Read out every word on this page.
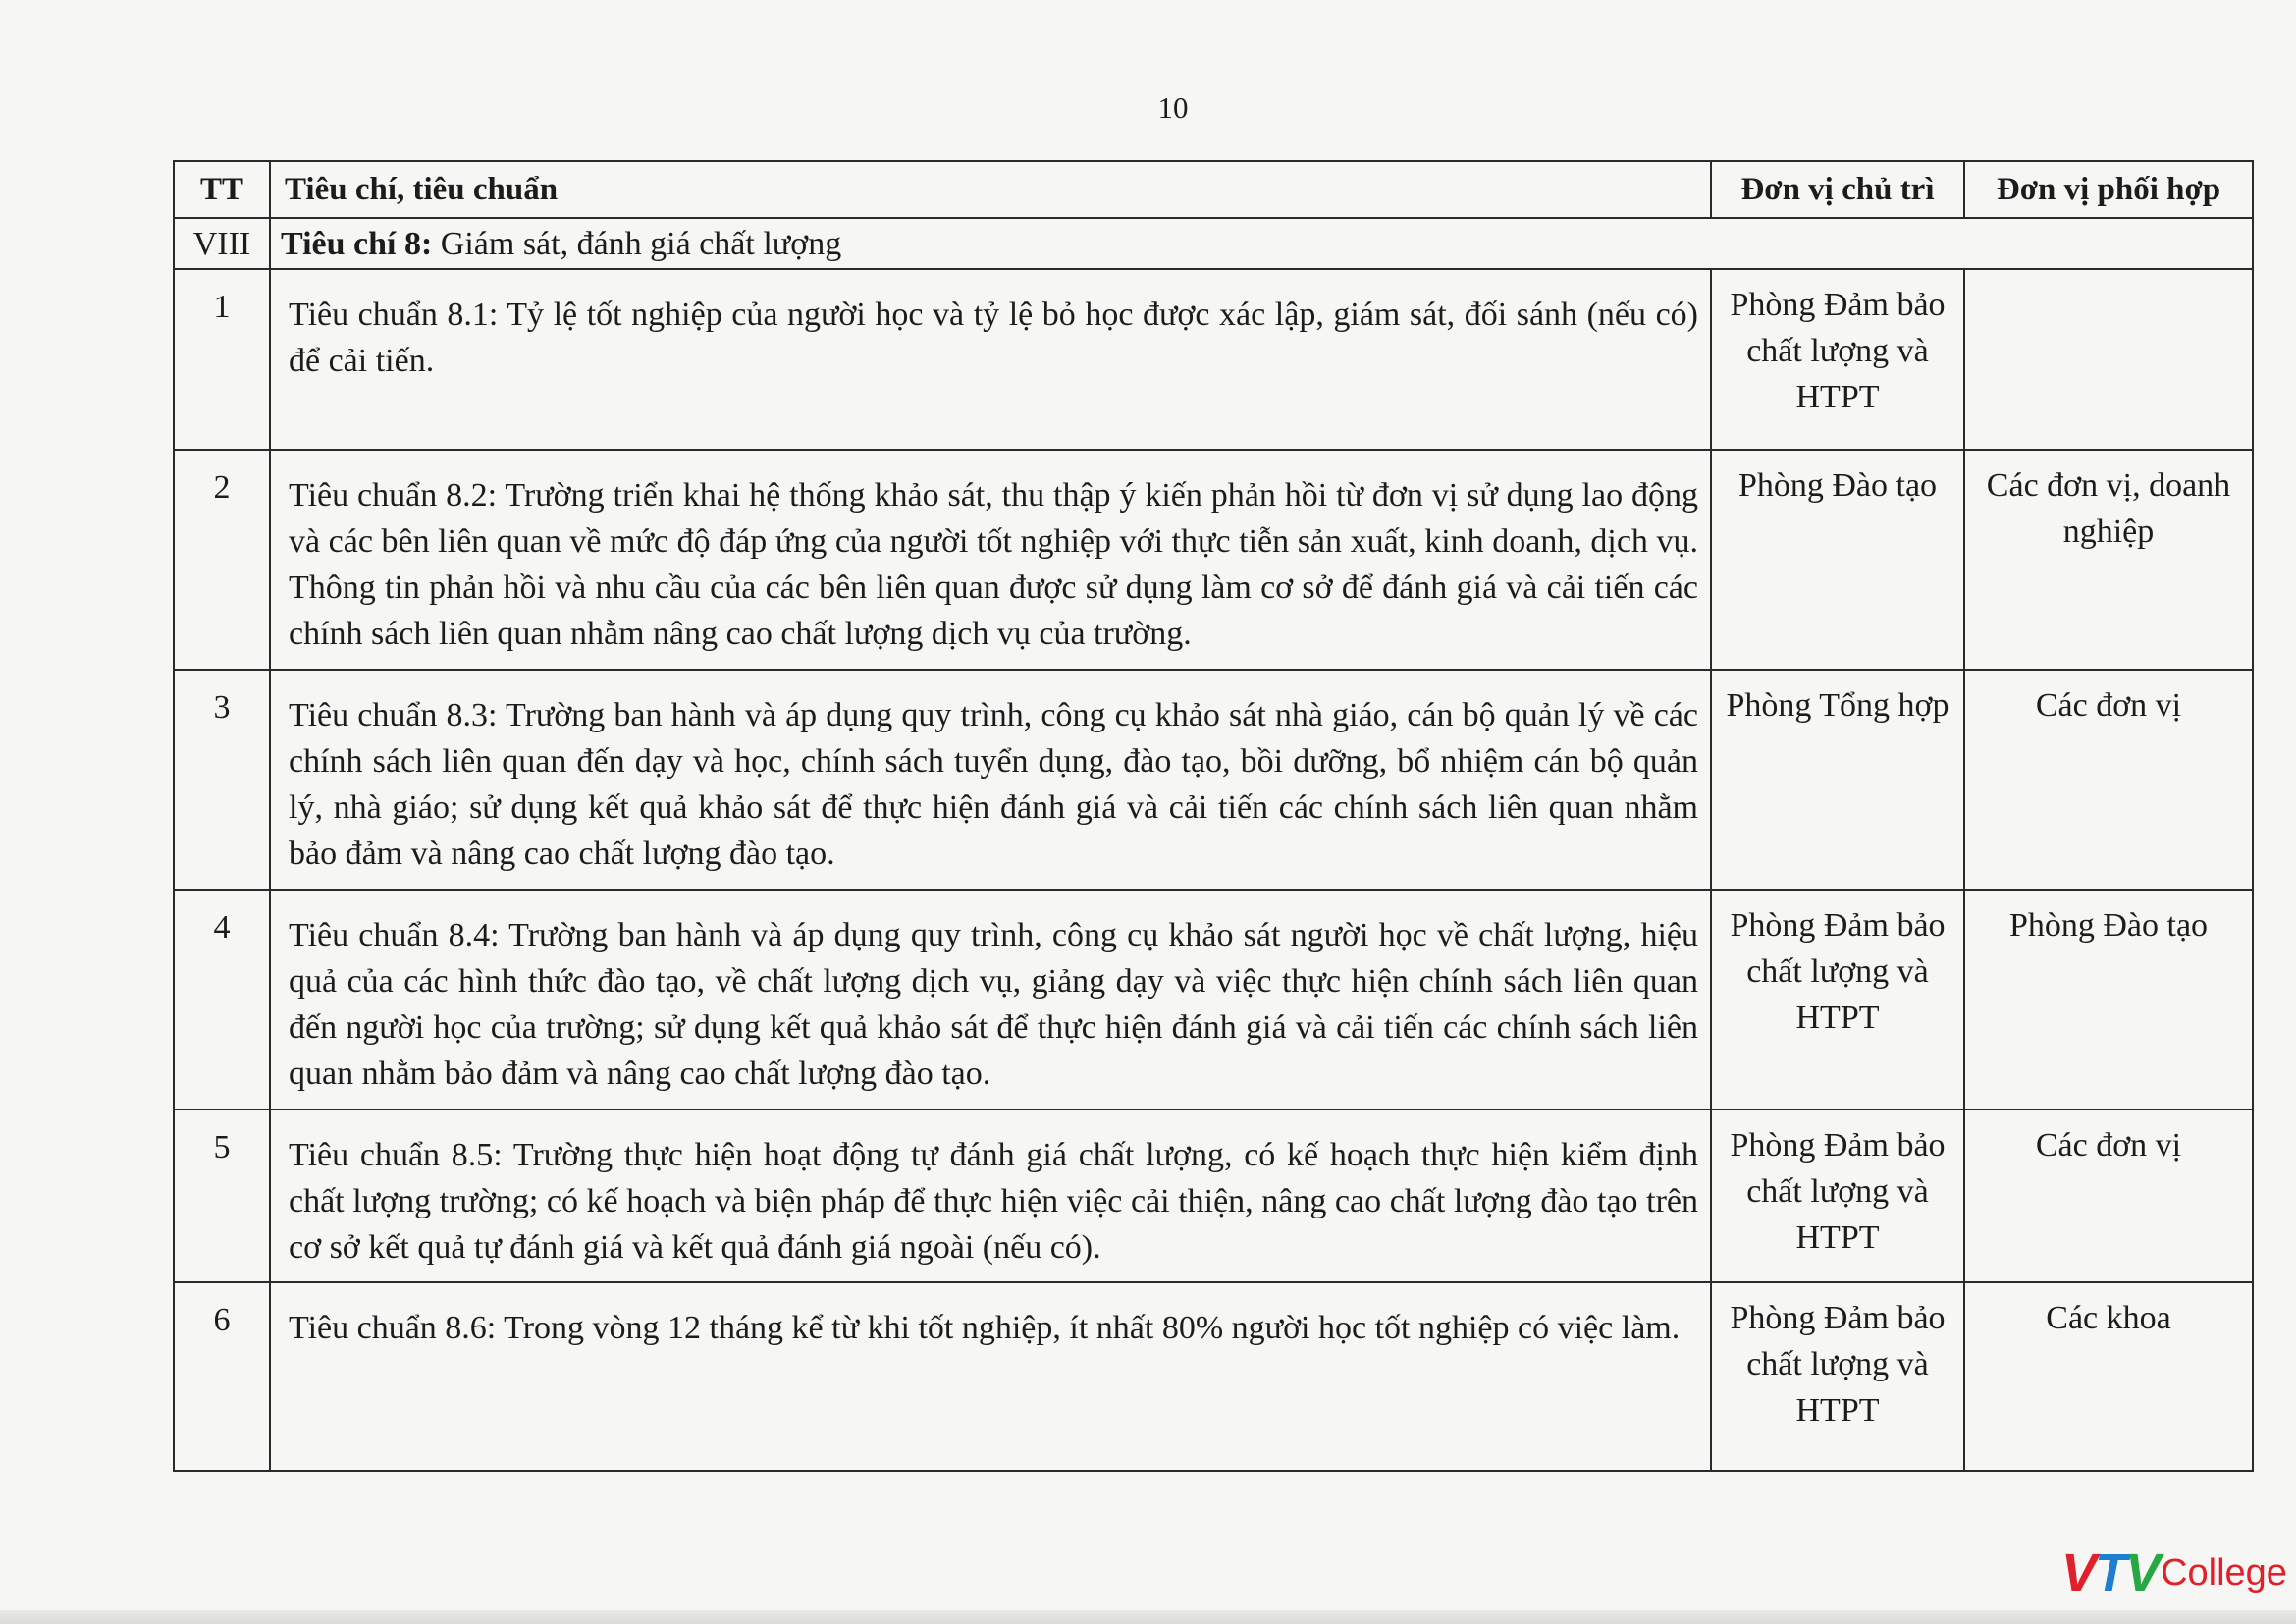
10
TT	Tiêu chí, tiêu chuẩn	Đơn vị chủ trì	Đơn vị phối hợp
VIII	Tiêu chí 8: Giám sát, đánh giá chất lượng		
1	Tiêu chuẩn 8.1: Tỷ lệ tốt nghiệp của người học và tỷ lệ bỏ học được xác lập, giám sát, đối sánh (nếu có) để cải tiến.	Phòng Đảm bảo chất lượng và HTPT	
2	Tiêu chuẩn 8.2: Trường triển khai hệ thống khảo sát, thu thập ý kiến phản hồi từ đơn vị sử dụng lao động và các bên liên quan về mức độ đáp ứng của người tốt nghiệp với thực tiễn sản xuất, kinh doanh, dịch vụ. Thông tin phản hồi và nhu cầu của các bên liên quan được sử dụng làm cơ sở để đánh giá và cải tiến các chính sách liên quan nhằm nâng cao chất lượng dịch vụ của trường.	Phòng Đào tạo	Các đơn vị, doanh nghiệp
3	Tiêu chuẩn 8.3: Trường ban hành và áp dụng quy trình, công cụ khảo sát nhà giáo, cán bộ quản lý về các chính sách liên quan đến dạy và học, chính sách tuyển dụng, đào tạo, bồi dưỡng, bổ nhiệm cán bộ quản lý, nhà giáo; sử dụng kết quả khảo sát để thực hiện đánh giá và cải tiến các chính sách liên quan nhằm bảo đảm và nâng cao chất lượng đào tạo.	Phòng Tổng hợp	Các đơn vị
4	Tiêu chuẩn 8.4: Trường ban hành và áp dụng quy trình, công cụ khảo sát người học về chất lượng, hiệu quả của các hình thức đào tạo, về chất lượng dịch vụ, giảng dạy và việc thực hiện chính sách liên quan đến người học của trường; sử dụng kết quả khảo sát để thực hiện đánh giá và cải tiến các chính sách liên quan nhằm bảo đảm và nâng cao chất lượng đào tạo.	Phòng Đảm bảo chất lượng và HTPT	Phòng Đào tạo
5	Tiêu chuẩn 8.5: Trường thực hiện hoạt động tự đánh giá chất lượng, có kế hoạch thực hiện kiểm định chất lượng trường; có kế hoạch và biện pháp để thực hiện việc cải thiện, nâng cao chất lượng đào tạo trên cơ sở kết quả tự đánh giá và kết quả đánh giá ngoài (nếu có).	Phòng Đảm bảo chất lượng và HTPT	Các đơn vị
6	Tiêu chuẩn 8.6: Trong vòng 12 tháng kể từ khi tốt nghiệp, ít nhất 80% người học tốt nghiệp có việc làm.	Phòng Đảm bảo chất lượng và HTPT	Các khoa
VTV College
